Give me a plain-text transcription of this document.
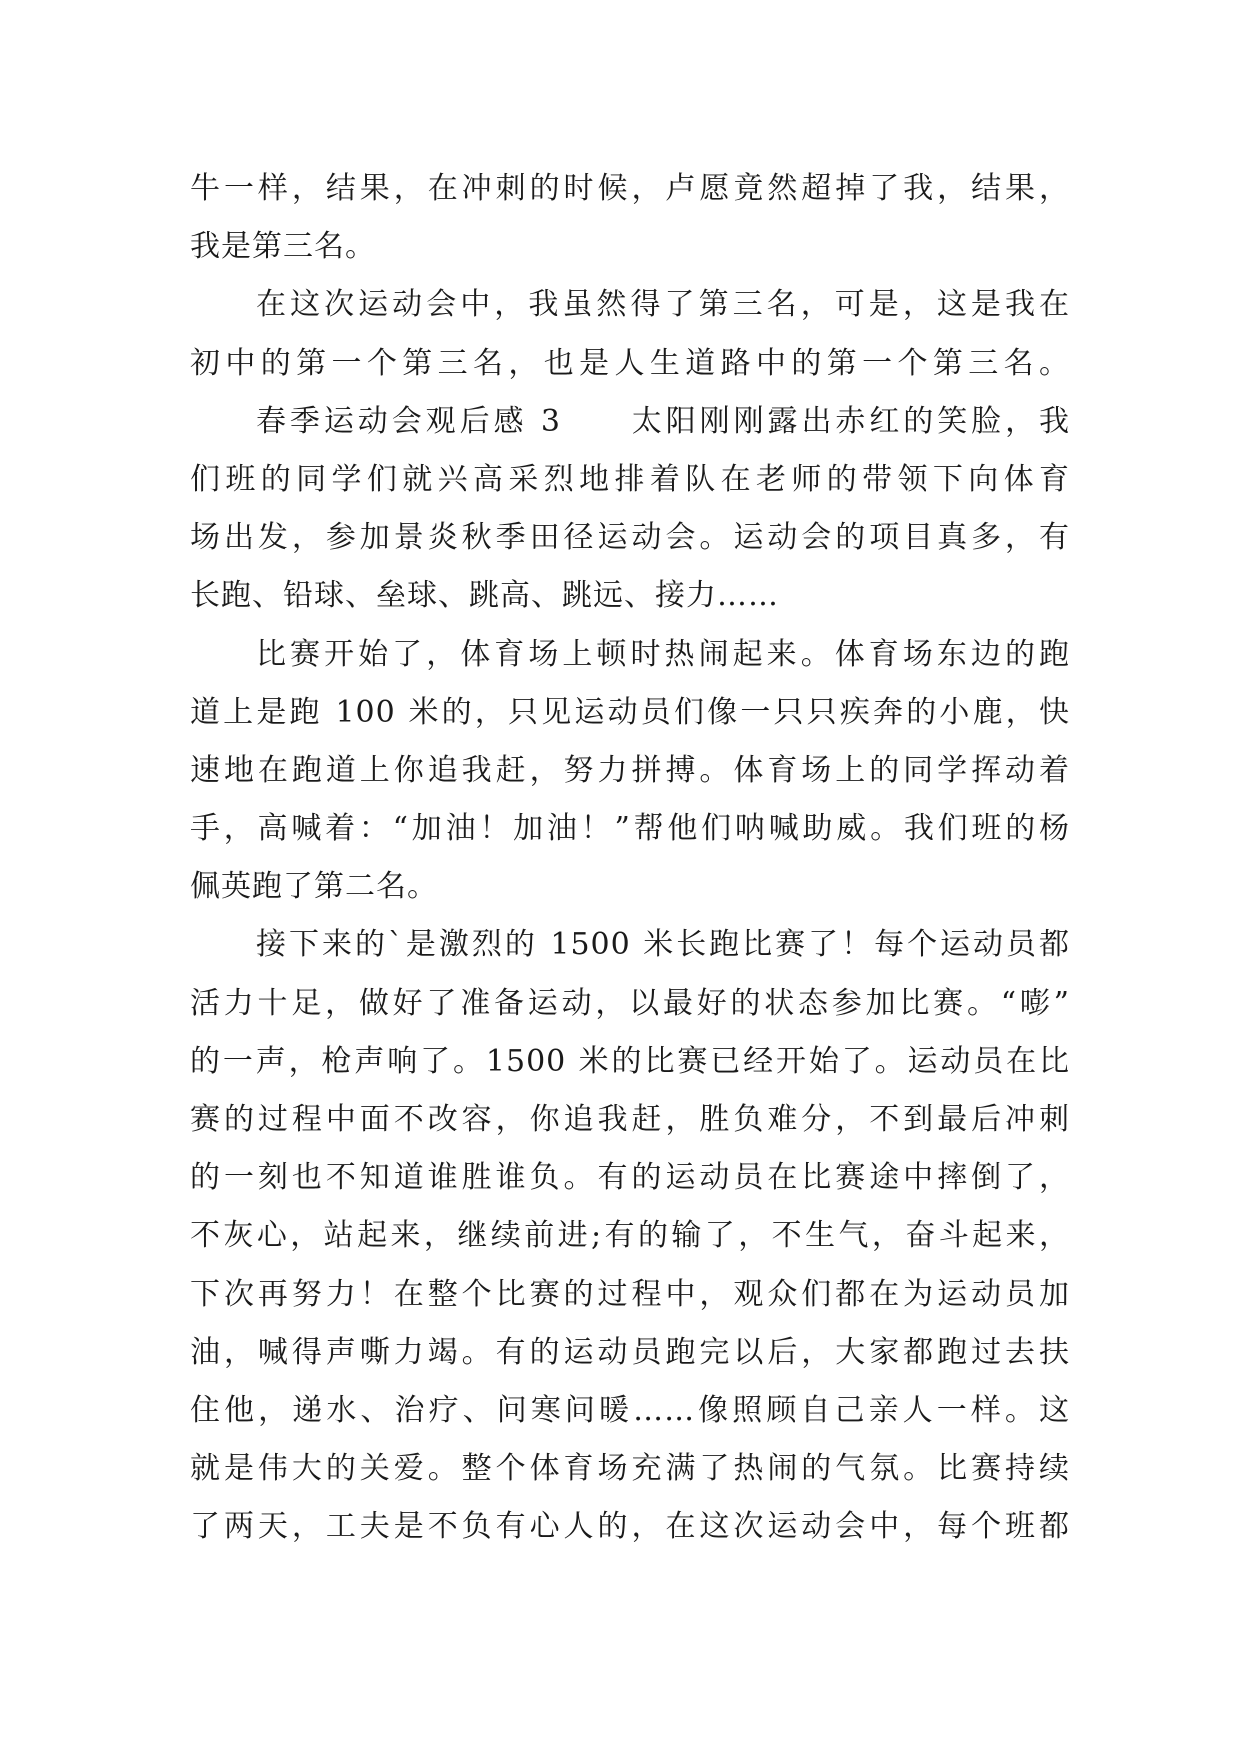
牛一样，结果，在冲刺的时候，卢愿竟然超掉了我，结果，
我是第三名。
在这次运动会中，我虽然得了第三名，可是，这是我在
初中的第一个第三名，也是人生道路中的第一个第三名。
春季运动会观后感 3　　太阳刚刚露出赤红的笑脸，我
们班的同学们就兴高采烈地排着队在老师的带领下向体育
场出发，参加景炎秋季田径运动会。运动会的项目真多，有
长跑、铅球、垒球、跳高、跳远、接力……
比赛开始了，体育场上顿时热闹起来。体育场东边的跑
道上是跑 100 米的，只见运动员们像一只只疾奔的小鹿，快
速地在跑道上你追我赶，努力拼搏。体育场上的同学挥动着
手，高喊着：“加油！加油！”帮他们呐喊助威。我们班的杨
佩英跑了第二名。
接下来的`是激烈的 1500 米长跑比赛了！每个运动员都
活力十足，做好了准备运动，以最好的状态参加比赛。“嘭”
的一声，枪声响了。1500 米的比赛已经开始了。运动员在比
赛的过程中面不改容，你追我赶，胜负难分，不到最后冲刺
的一刻也不知道谁胜谁负。有的运动员在比赛途中摔倒了，
不灰心，站起来，继续前进;有的输了，不生气，奋斗起来，
下次再努力！在整个比赛的过程中，观众们都在为运动员加
油，喊得声嘶力竭。有的运动员跑完以后，大家都跑过去扶
住他，递水、治疗、问寒问暖……像照顾自己亲人一样。这
就是伟大的关爱。整个体育场充满了热闹的气氛。比赛持续
了两天，工夫是不负有心人的，在这次运动会中，每个班都
